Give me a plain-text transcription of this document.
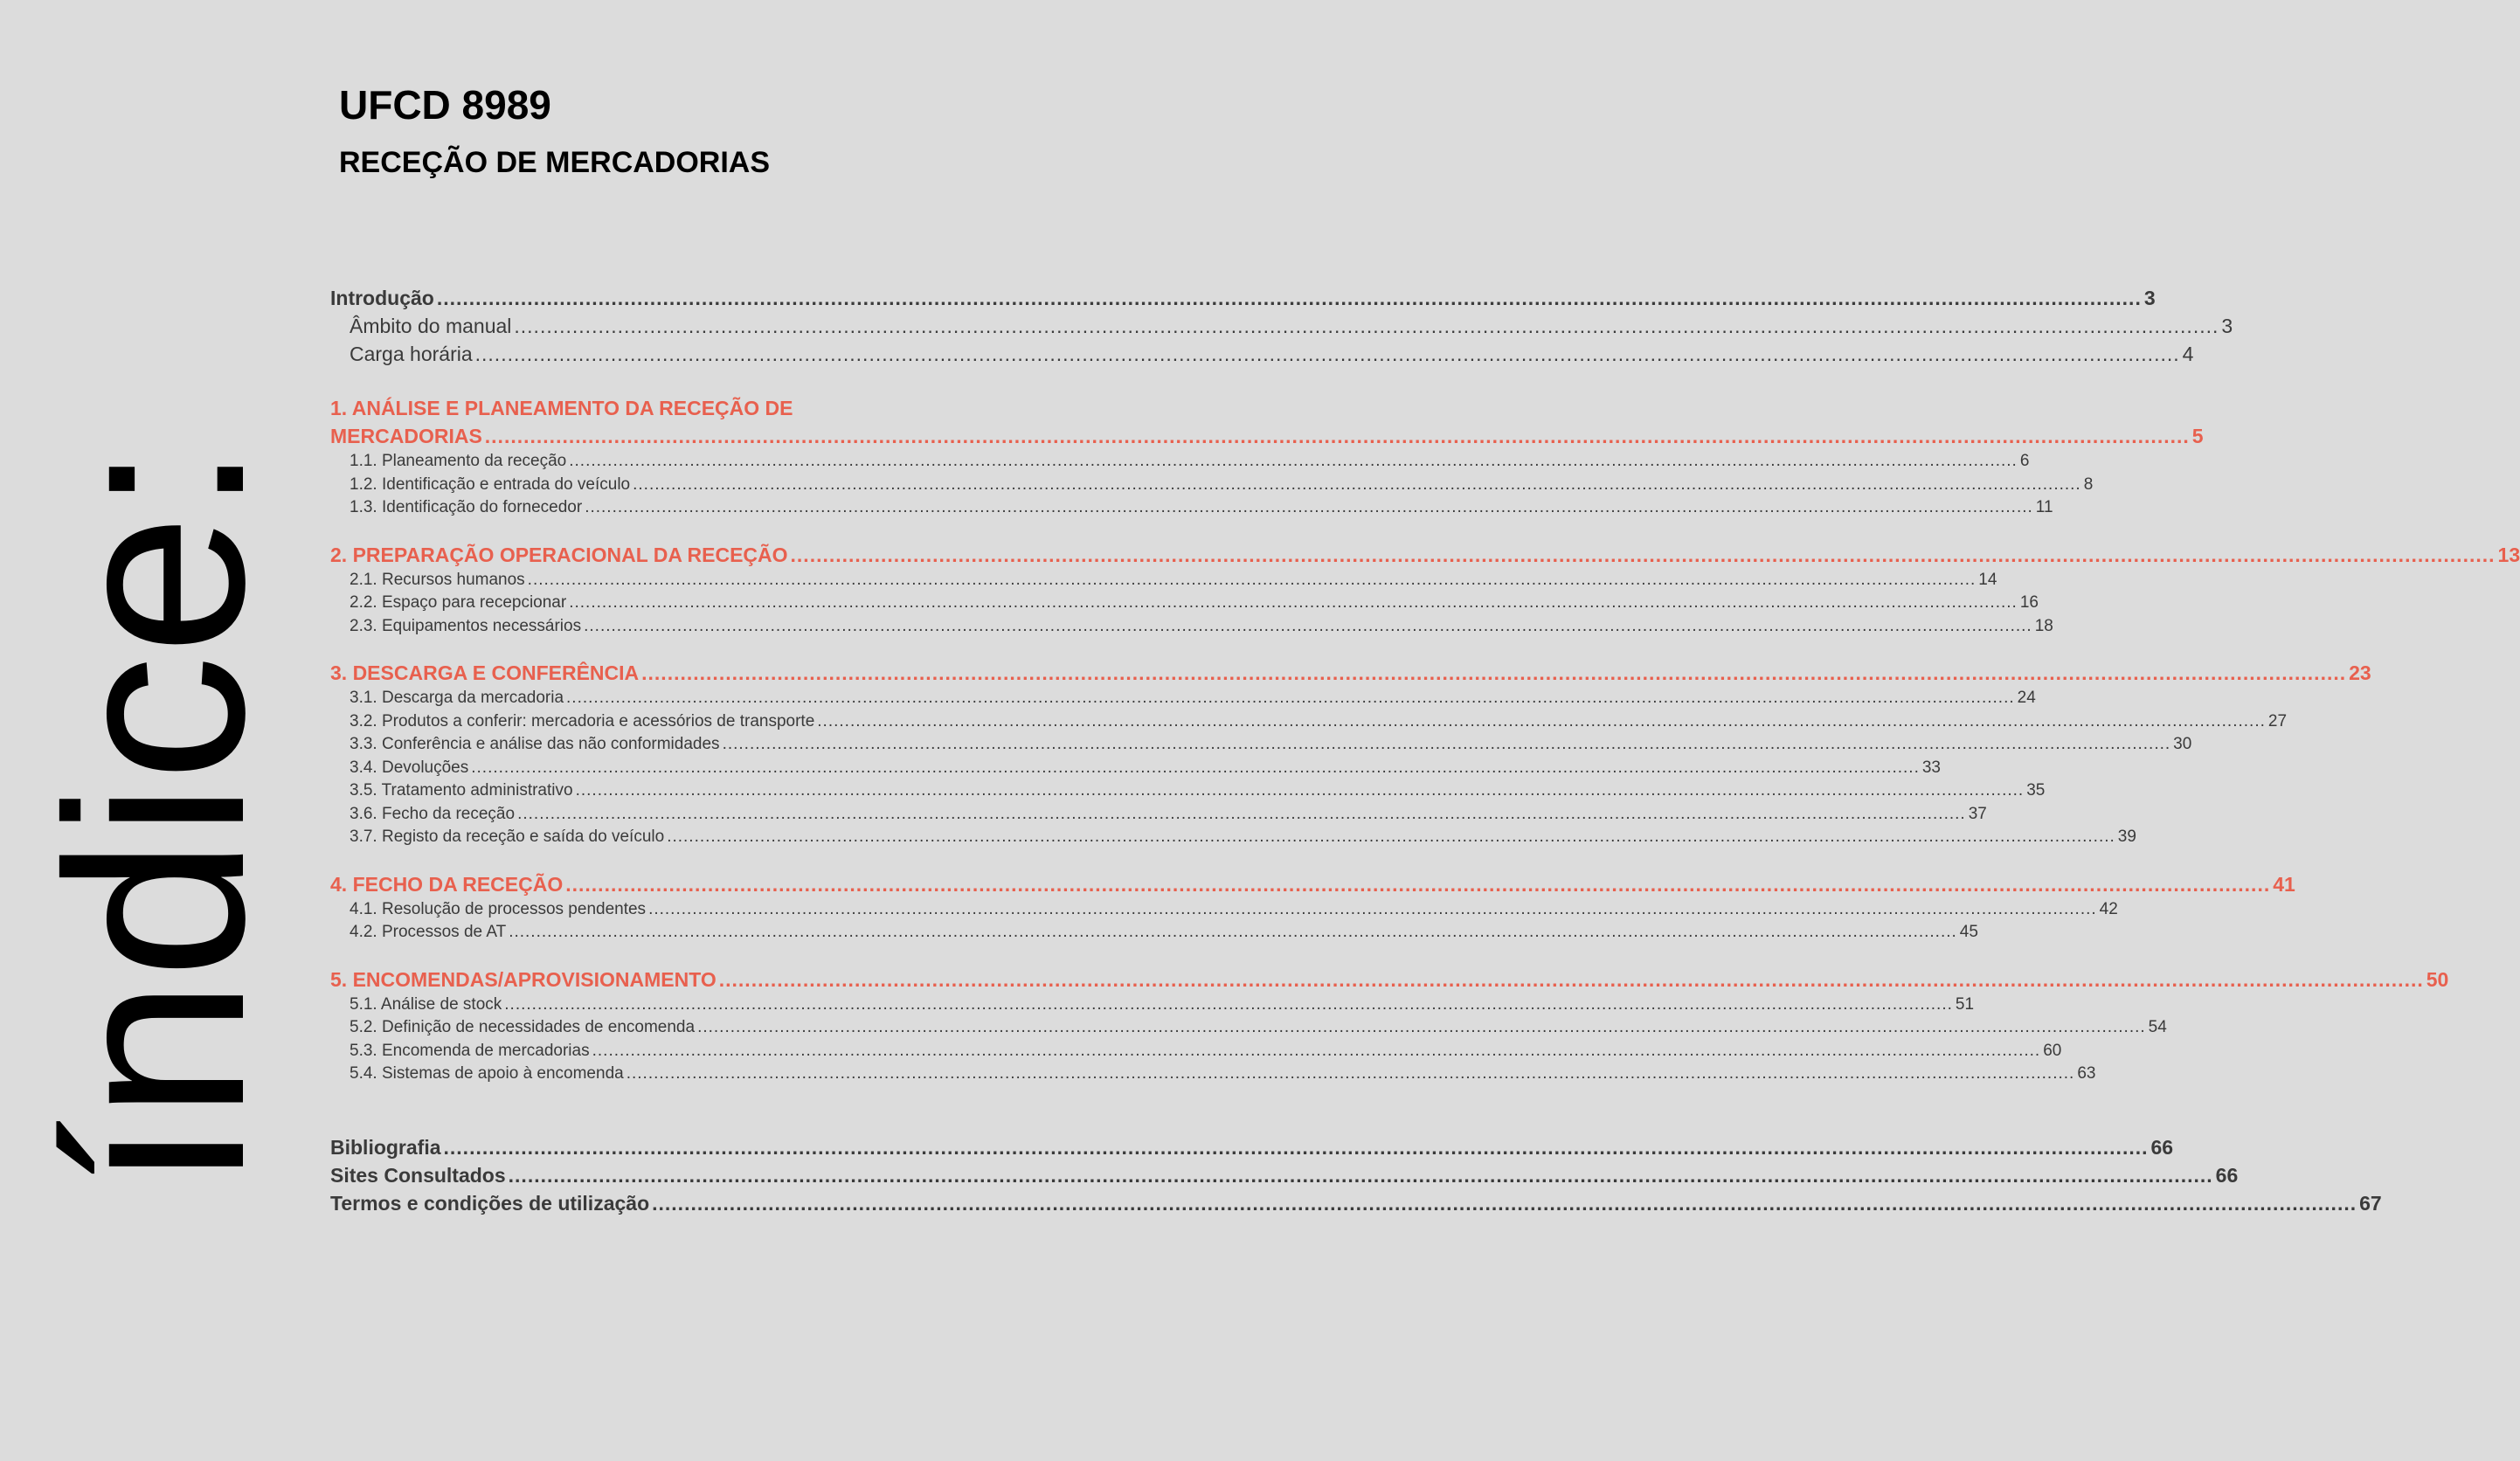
índice:
UFCD 8989
RECEÇÃO DE MERCADORIAS
Introdução .....	3
Âmbito do manual .....	3
Carga horária .....	4
1. ANÁLISE E PLANEAMENTO DA RECEÇÃO DE
MERCADORIAS .....	5
1.1. Planeamento da receção .....	6
1.2. Identificação e entrada do veículo .....	8
1.3. Identificação do fornecedor .....	11
2. PREPARAÇÃO OPERACIONAL DA RECEÇÃO .....	13
2.1. Recursos humanos .....	14
2.2. Espaço para recepcionar .....	16
2.3. Equipamentos necessários .....	18
3. DESCARGA E CONFERÊNCIA .....	23
3.1. Descarga da mercadoria .....	24
3.2. Produtos a conferir: mercadoria e acessórios de transporte .....	27
3.3. Conferência e análise das não conformidades .....	30
3.4. Devoluções .....	33
3.5. Tratamento administrativo .....	35
3.6. Fecho da receção .....	37
3.7. Registo da receção e saída do veículo .....	39
4. FECHO DA RECEÇÃO .....	41
4.1. Resolução de processos pendentes .....	42
4.2. Processos de AT .....	45
5. ENCOMENDAS/APROVISIONAMENTO .....	50
5.1. Análise de stock .....	51
5.2. Definição de necessidades de encomenda .....	54
5.3. Encomenda de mercadorias .....	60
5.4. Sistemas de apoio à encomenda .....	63
Bibliografia .....	66
Sites Consultados .....	66
Termos e condições de utilização .....	67
